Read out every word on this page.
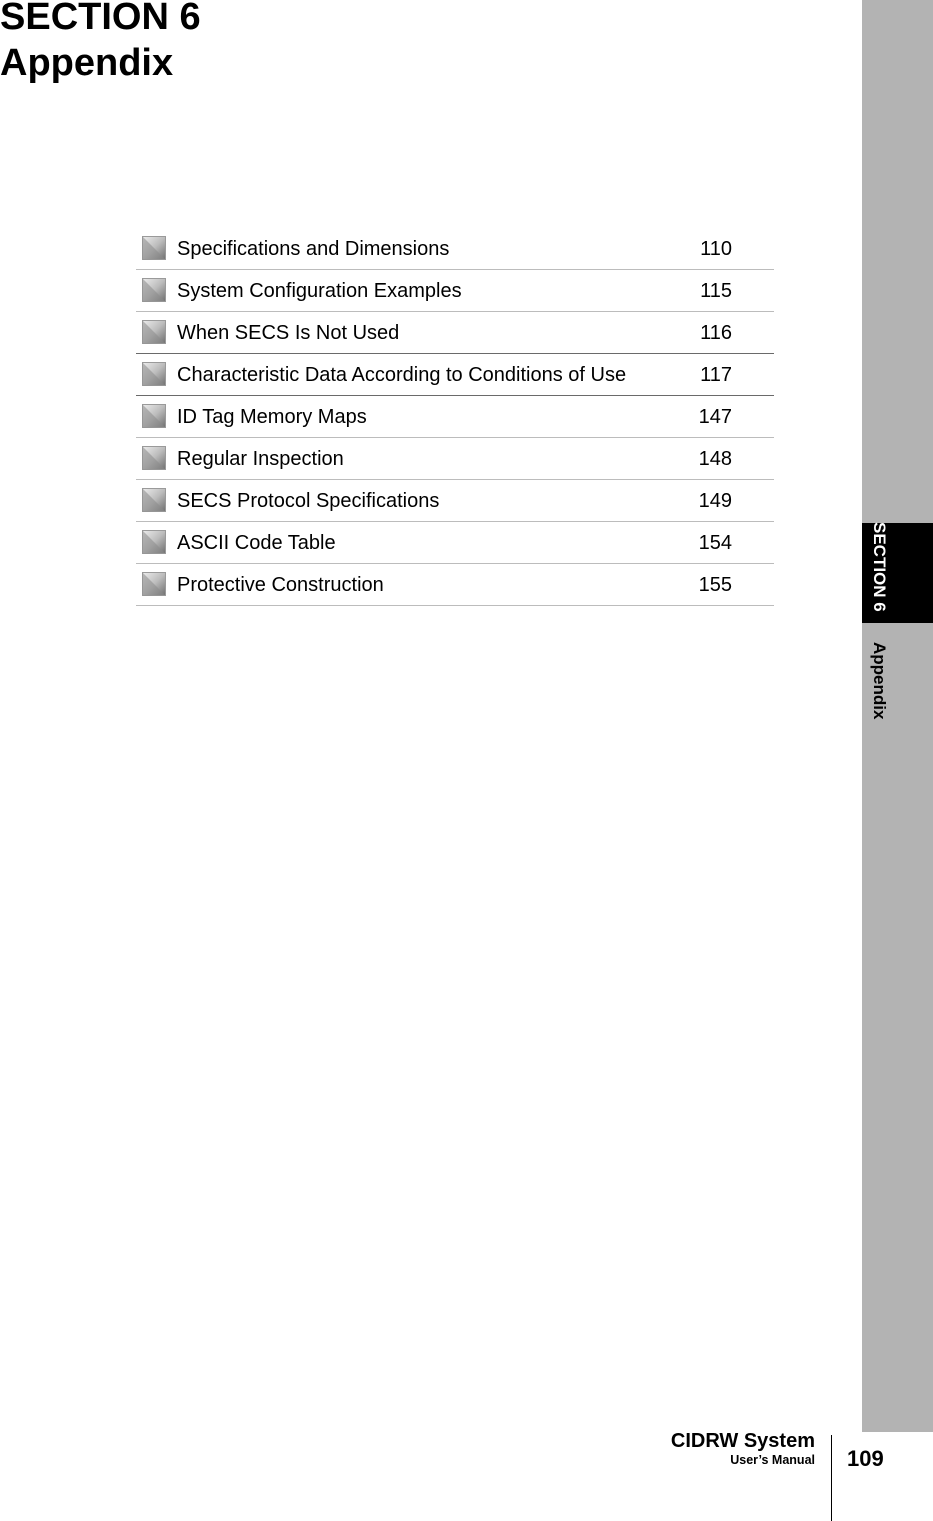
SECTION 6
Appendix
Specifications and Dimensions	110
System Configuration Examples	115
When SECS Is Not Used	116
Characteristic Data According to Conditions of Use	117
ID Tag Memory Maps	147
Regular Inspection	148
SECS Protocol Specifications	149
ASCII Code Table	154
Protective Construction	155	SECTION 6
Appendix
CIDRW System
User’s Manual 109
